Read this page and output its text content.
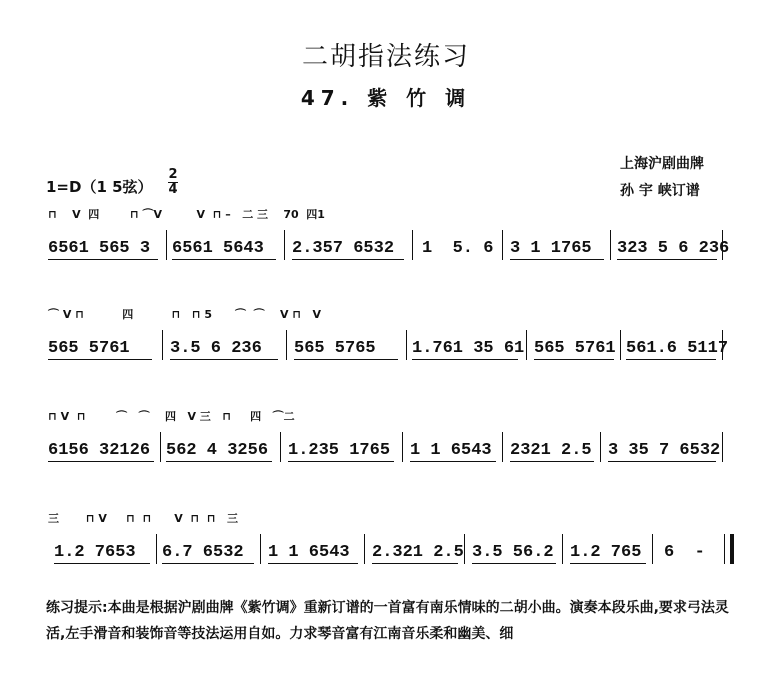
二胡指法练习
47. 紫 竹 调
1=D（1 5弦）
2
4
上海沪剧曲牌
孙 宇 峡订谱
⊓    V  四        ⊓ ⌒V         V  ⊓ –   二 三    70  四1
6561 565 3 6561 5643 2.357 6532 1  5. 6 3 1 1765 323 5 6 236
⌒ V ⊓          四          ⊓   ⊓ 5      ⌒  ⌒    V ⊓   V
565 5761 3.5 6 236 565 5765 1.761 35 61 565 5761 561.6 5117
⊓ V  ⊓        ⌒   ⌒    四   V 三   ⊓     四   ⌒二
6156 32126 562 4 3256 1.235 1765 1 1 6543 2321 2.5 3 35 7 6532
三       ⊓ V     ⊓  ⊓      V  ⊓  ⊓   三
1.2 7653 6.7 6532 1 1 6543 2.321 2.5 3.5 56.2 1.2 765 6  -
练习提示:本曲是根据沪剧曲牌《紫竹调》重新订谱的一首富有南乐情味的二胡小曲。演奏本段乐曲,要求弓法灵活,左手滑音和装饰音等技法运用自如。力求琴音富有江南音乐柔和幽美、细
